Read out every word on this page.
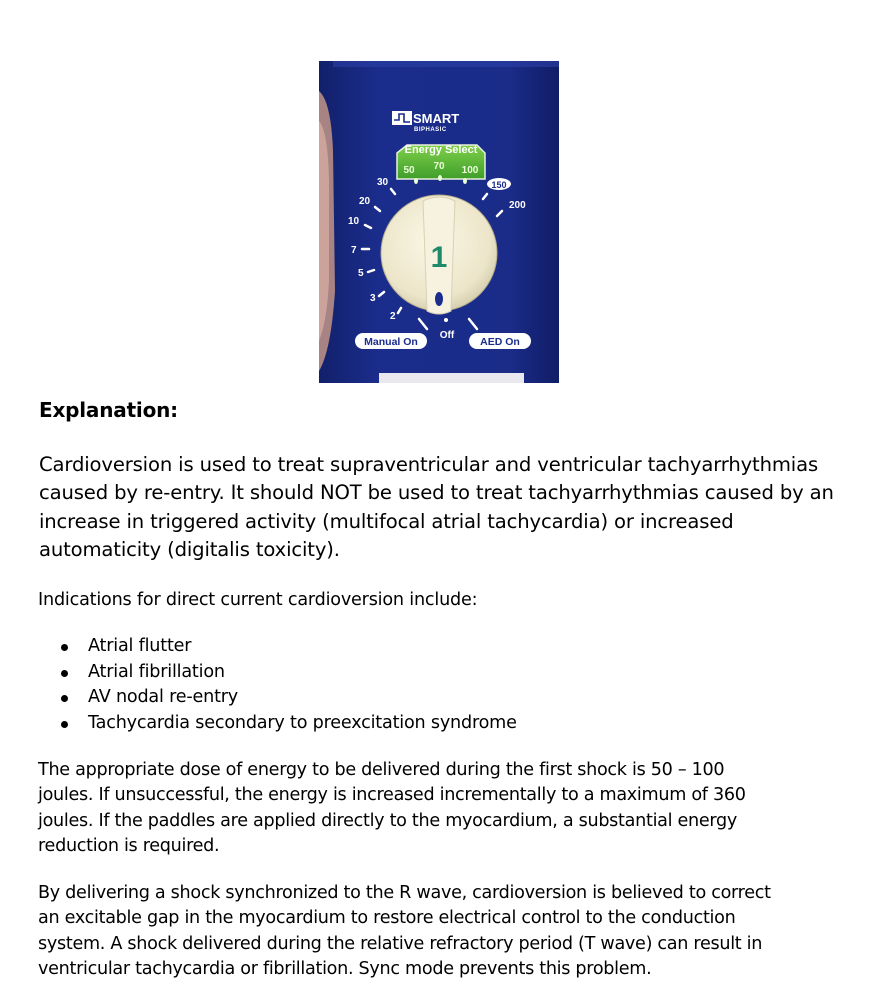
SMART
BIPHASIC
Energy Select
50 70 100
30
20
10
7
5
3
2
150
200
1
Off
Manual On	AED On
Explanation:

Cardioversion is used to treat supraventricular and ventricular tachyarrhythmias caused by re-entry. It should NOT be used to treat tachyarrhythmias caused by an increase in triggered activity (multifocal atrial tachycardia) or increased automaticity (digitalis toxicity).

Indications for direct current cardioversion include:

Atrial flutter
Atrial fibrillation
AV nodal re-entry
Tachycardia secondary to preexcitation syndrome

The appropriate dose of energy to be delivered during the first shock is 50 – 100 joules. If unsuccessful, the energy is increased incrementally to a maximum of 360 joules. If the paddles are applied directly to the myocardium, a substantial energy reduction is required.

By delivering a shock synchronized to the R wave, cardioversion is believed to correct an excitable gap in the myocardium to restore electrical control to the conduction system. A shock delivered during the relative refractory period (T wave) can result in ventricular tachycardia or fibrillation. Sync mode prevents this problem.
